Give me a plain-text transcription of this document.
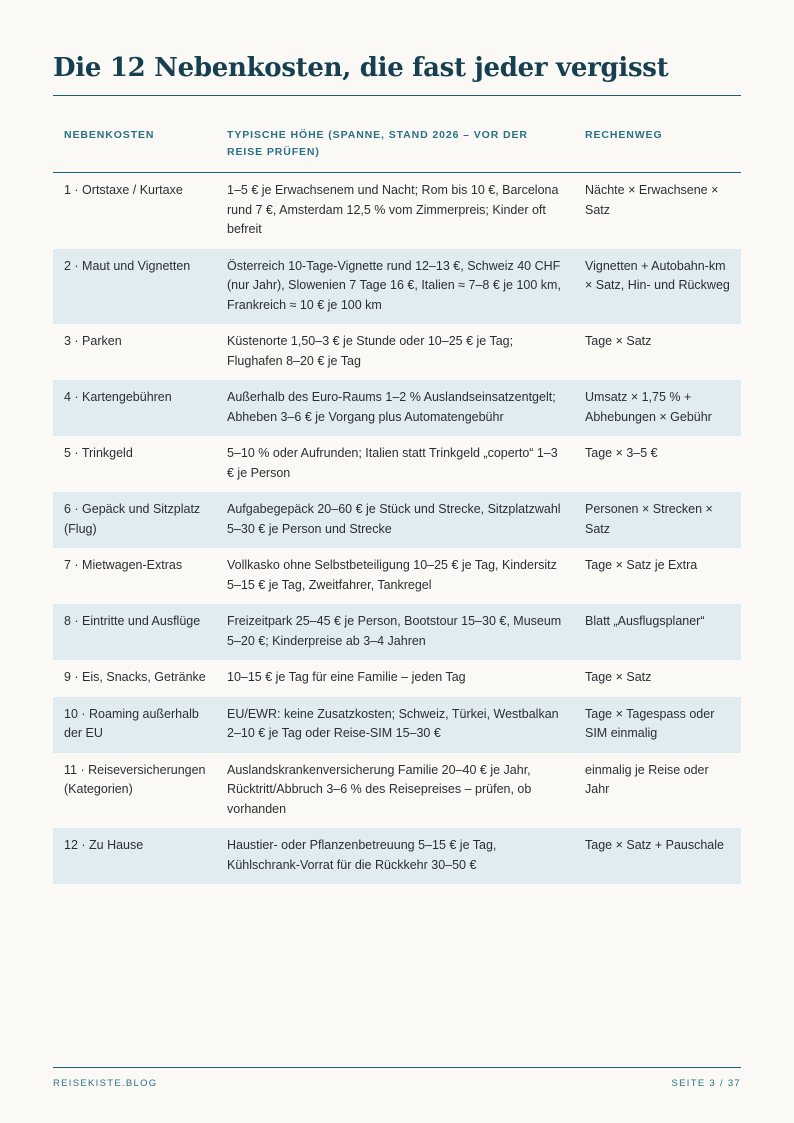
Die 12 Nebenkosten, die fast jeder vergisst
NEBENKOSTEN	TYPISCHE HÖHE (SPANNE, STAND 2026 – VOR DER REISE PRÜFEN)	RECHENWEG
1 · Ortstaxe / Kurtaxe	1–5 € je Erwachsenem und Nacht; Rom bis 10 €, Barcelona rund 7 €, Amsterdam 12,5 % vom Zimmerpreis; Kinder oft befreit	Nächte × Erwachsene × Satz
2 · Maut und Vignetten	Österreich 10-Tage-Vignette rund 12–13 €, Schweiz 40 CHF (nur Jahr), Slowenien 7 Tage 16 €, Italien ≈ 7–8 € je 100 km, Frankreich ≈ 10 € je 100 km	Vignetten + Autobahn-km × Satz, Hin- und Rückweg
3 · Parken	Küstenorte 1,50–3 € je Stunde oder 10–25 € je Tag; Flughafen 8–20 € je Tag	Tage × Satz
4 · Kartengebühren	Außerhalb des Euro-Raums 1–2 % Auslandseinsatzentgelt; Abheben 3–6 € je Vorgang plus Automatengebühr	Umsatz × 1,75 % + Abhebungen × Gebühr
5 · Trinkgeld	5–10 % oder Aufrunden; Italien statt Trinkgeld „coperto“ 1–3 € je Person	Tage × 3–5 €
6 · Gepäck und Sitzplatz (Flug)	Aufgabegepäck 20–60 € je Stück und Strecke, Sitzplatzwahl 5–30 € je Person und Strecke	Personen × Strecken × Satz
7 · Mietwagen-Extras	Vollkasko ohne Selbstbeteiligung 10–25 € je Tag, Kindersitz 5–15 € je Tag, Zweitfahrer, Tankregel	Tage × Satz je Extra
8 · Eintritte und Ausflüge	Freizeitpark 25–45 € je Person, Bootstour 15–30 €, Museum 5–20 €; Kinderpreise ab 3–4 Jahren	Blatt „Ausflugsplaner“
9 · Eis, Snacks, Getränke	10–15 € je Tag für eine Familie – jeden Tag	Tage × Satz
10 · Roaming außerhalb der EU	EU/EWR: keine Zusatzkosten; Schweiz, Türkei, Westbalkan 2–10 € je Tag oder Reise-SIM 15–30 €	Tage × Tagespass oder SIM einmalig
11 · Reiseversicherungen (Kategorien)	Auslandskrankenversicherung Familie 20–40 € je Jahr, Rücktritt/Abbruch 3–6 % des Reisepreises – prüfen, ob vorhanden	einmalig je Reise oder Jahr
12 · Zu Hause	Haustier- oder Pflanzenbetreuung 5–15 € je Tag, Kühlschrank-Vorrat für die Rückkehr 30–50 €	Tage × Satz + Pauschale
REISEKISTE.BLOG	SEITE 3 / 37
